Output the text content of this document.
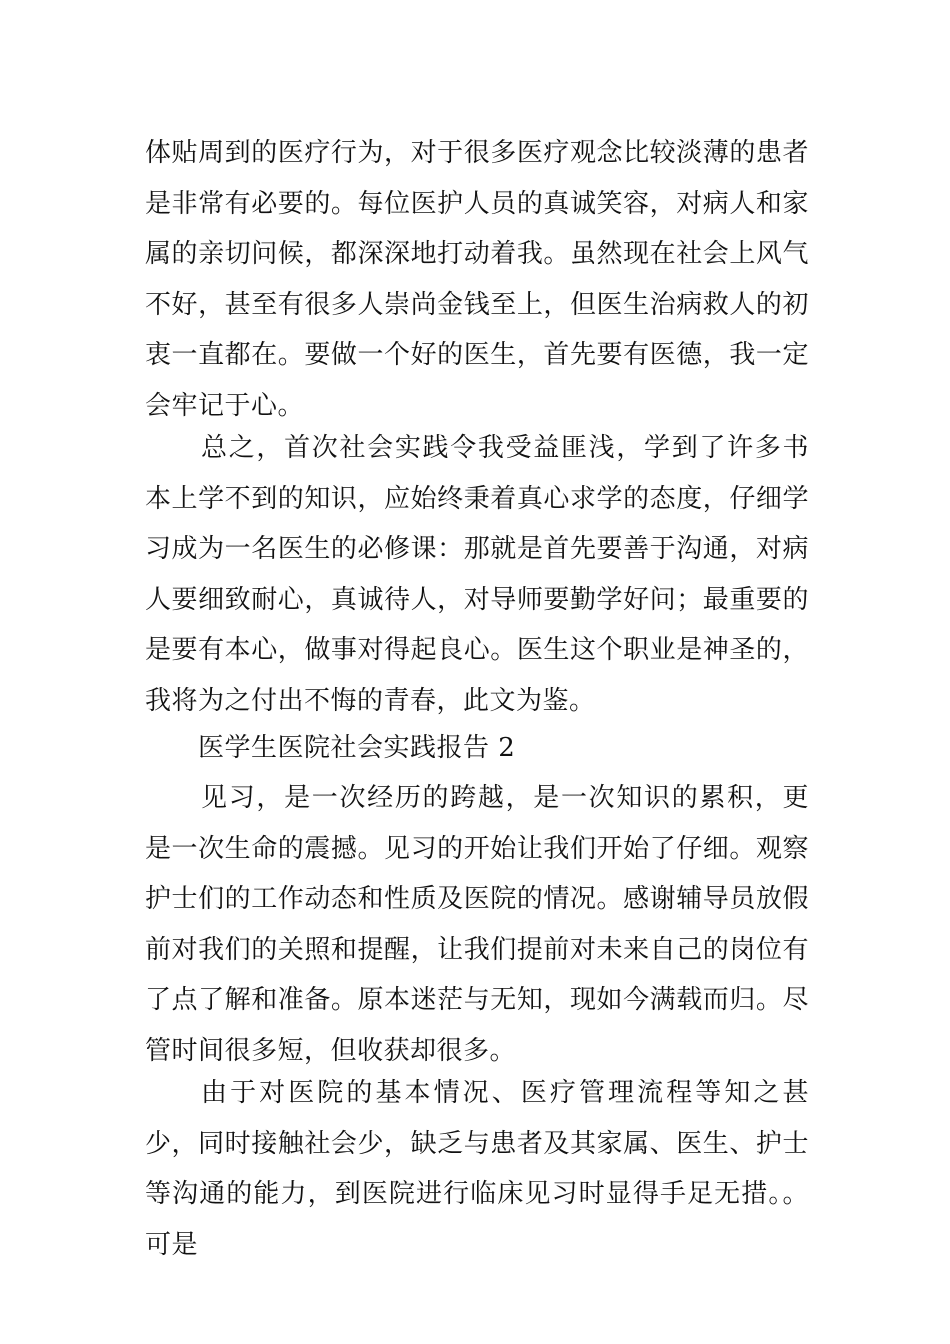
体贴周到的医疗行为，对于很多医疗观念比较淡薄的患者是非常有必要的。每位医护人员的真诚笑容，对病人和家属的亲切问候，都深深地打动着我。虽然现在社会上风气不好，甚至有很多人崇尚金钱至上，但医生治病救人的初衷一直都在。要做一个好的医生，首先要有医德，我一定会牢记于心。

总之，首次社会实践令我受益匪浅，学到了许多书本上学不到的知识，应始终秉着真心求学的态度，仔细学习成为一名医生的必修课：那就是首先要善于沟通，对病人要细致耐心，真诚待人，对导师要勤学好问；最重要的是要有本心，做事对得起良心。医生这个职业是神圣的，我将为之付出不悔的青春，此文为鉴。

医学生医院社会实践报告 2

见习，是一次经历的跨越，是一次知识的累积，更是一次生命的震撼。见习的开始让我们开始了仔细。观察护士们的工作动态和性质及医院的情况。感谢辅导员放假前对我们的关照和提醒，让我们提前对未来自己的岗位有了点了解和准备。原本迷茫与无知，现如今满载而归。尽管时间很多短，但收获却很多。

由于对医院的基本情况、医疗管理流程等知之甚少，同时接触社会少，缺乏与患者及其家属、医生、护士等沟通的能力，到医院进行临床见习时显得手足无措。。可是
